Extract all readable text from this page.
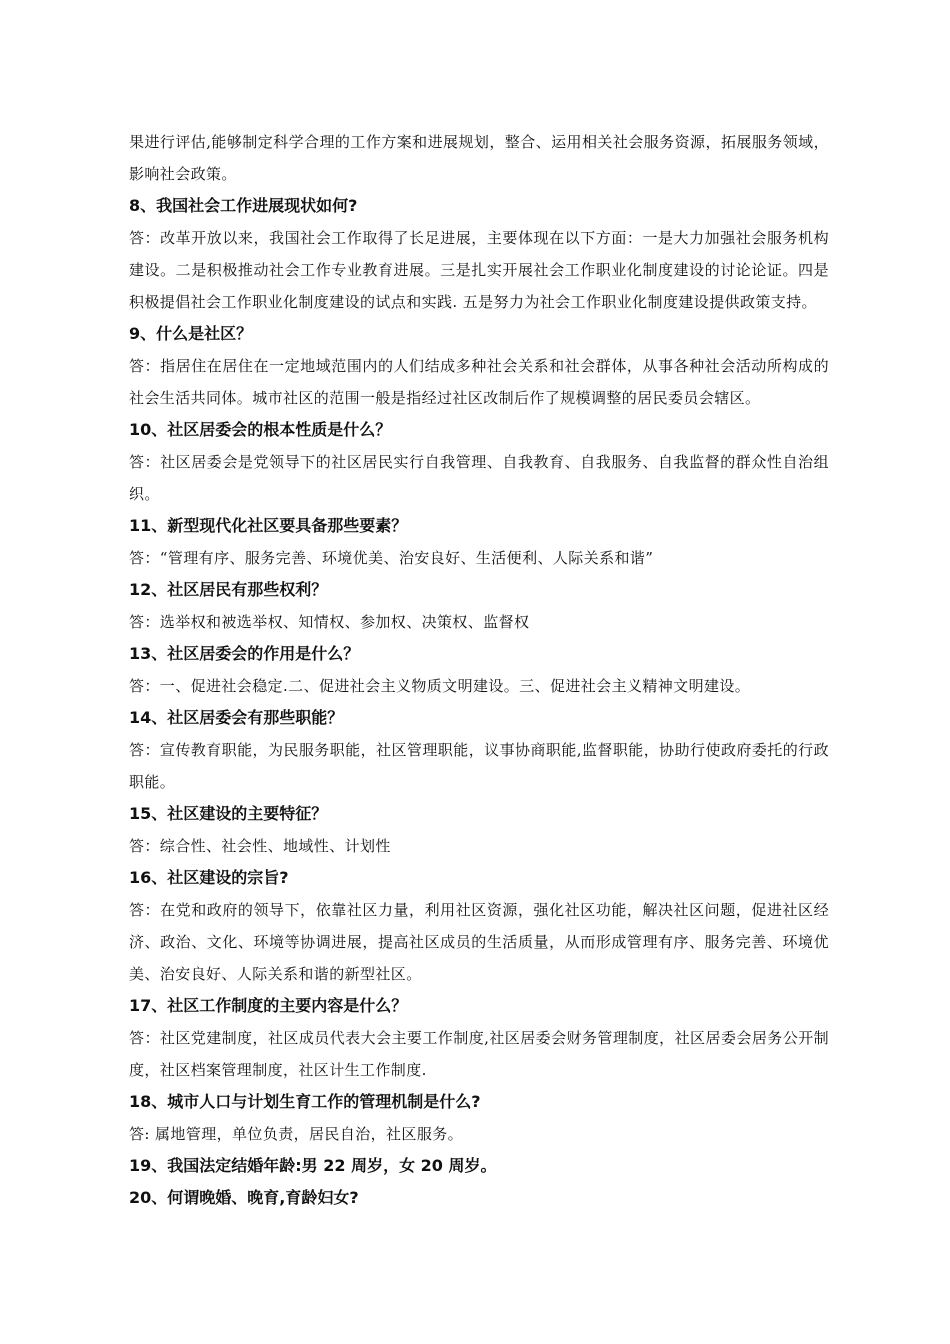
果进行评估,能够制定科学合理的工作方案和进展规划，整合、运用相关社会服务资源，拓展服务领域，影响社会政策。

8、我国社会工作进展现状如何?

答：改革开放以来，我国社会工作取得了长足进展，主要体现在以下方面：一是大力加强社会服务机构建设。二是积极推动社会工作专业教育进展。三是扎实开展社会工作职业化制度建设的讨论论证。四是积极提倡社会工作职业化制度建设的试点和实践. 五是努力为社会工作职业化制度建设提供政策支持。

9、什么是社区？

答：指居住在居住在一定地域范围内的人们结成多种社会关系和社会群体，从事各种社会活动所构成的社会生活共同体。城市社区的范围一般是指经过社区改制后作了规模调整的居民委员会辖区。

10、社区居委会的根本性质是什么？

答：社区居委会是党领导下的社区居民实行自我管理、自我教育、自我服务、自我监督的群众性自治组织。

11、新型现代化社区要具备那些要素？

答：“管理有序、服务完善、环境优美、治安良好、生活便利、人际关系和谐”

12、社区居民有那些权利？

答：选举权和被选举权、知情权、参加权、决策权、监督权

13、社区居委会的作用是什么？

答：一、促进社会稳定.二、促进社会主义物质文明建设。三、促进社会主义精神文明建设。

14、社区居委会有那些职能？

答：宣传教育职能，为民服务职能，社区管理职能，议事协商职能,监督职能，协助行使政府委托的行政职能。

15、社区建设的主要特征？

答：综合性、社会性、地域性、计划性

16、社区建设的宗旨?

答：在党和政府的领导下，依靠社区力量，利用社区资源，强化社区功能，解决社区问题，促进社区经济、政治、文化、环境等协调进展，提高社区成员的生活质量，从而形成管理有序、服务完善、环境优美、治安良好、人际关系和谐的新型社区。

17、社区工作制度的主要内容是什么？

答：社区党建制度，社区成员代表大会主要工作制度,社区居委会财务管理制度，社区居委会居务公开制度，社区档案管理制度，社区计生工作制度.

18、城市人口与计划生育工作的管理机制是什么?

答: 属地管理，单位负责，居民自治，社区服务。

19、我国法定结婚年龄:男 22 周岁，女 20 周岁。

20、何谓晚婚、晚育,育龄妇女?
